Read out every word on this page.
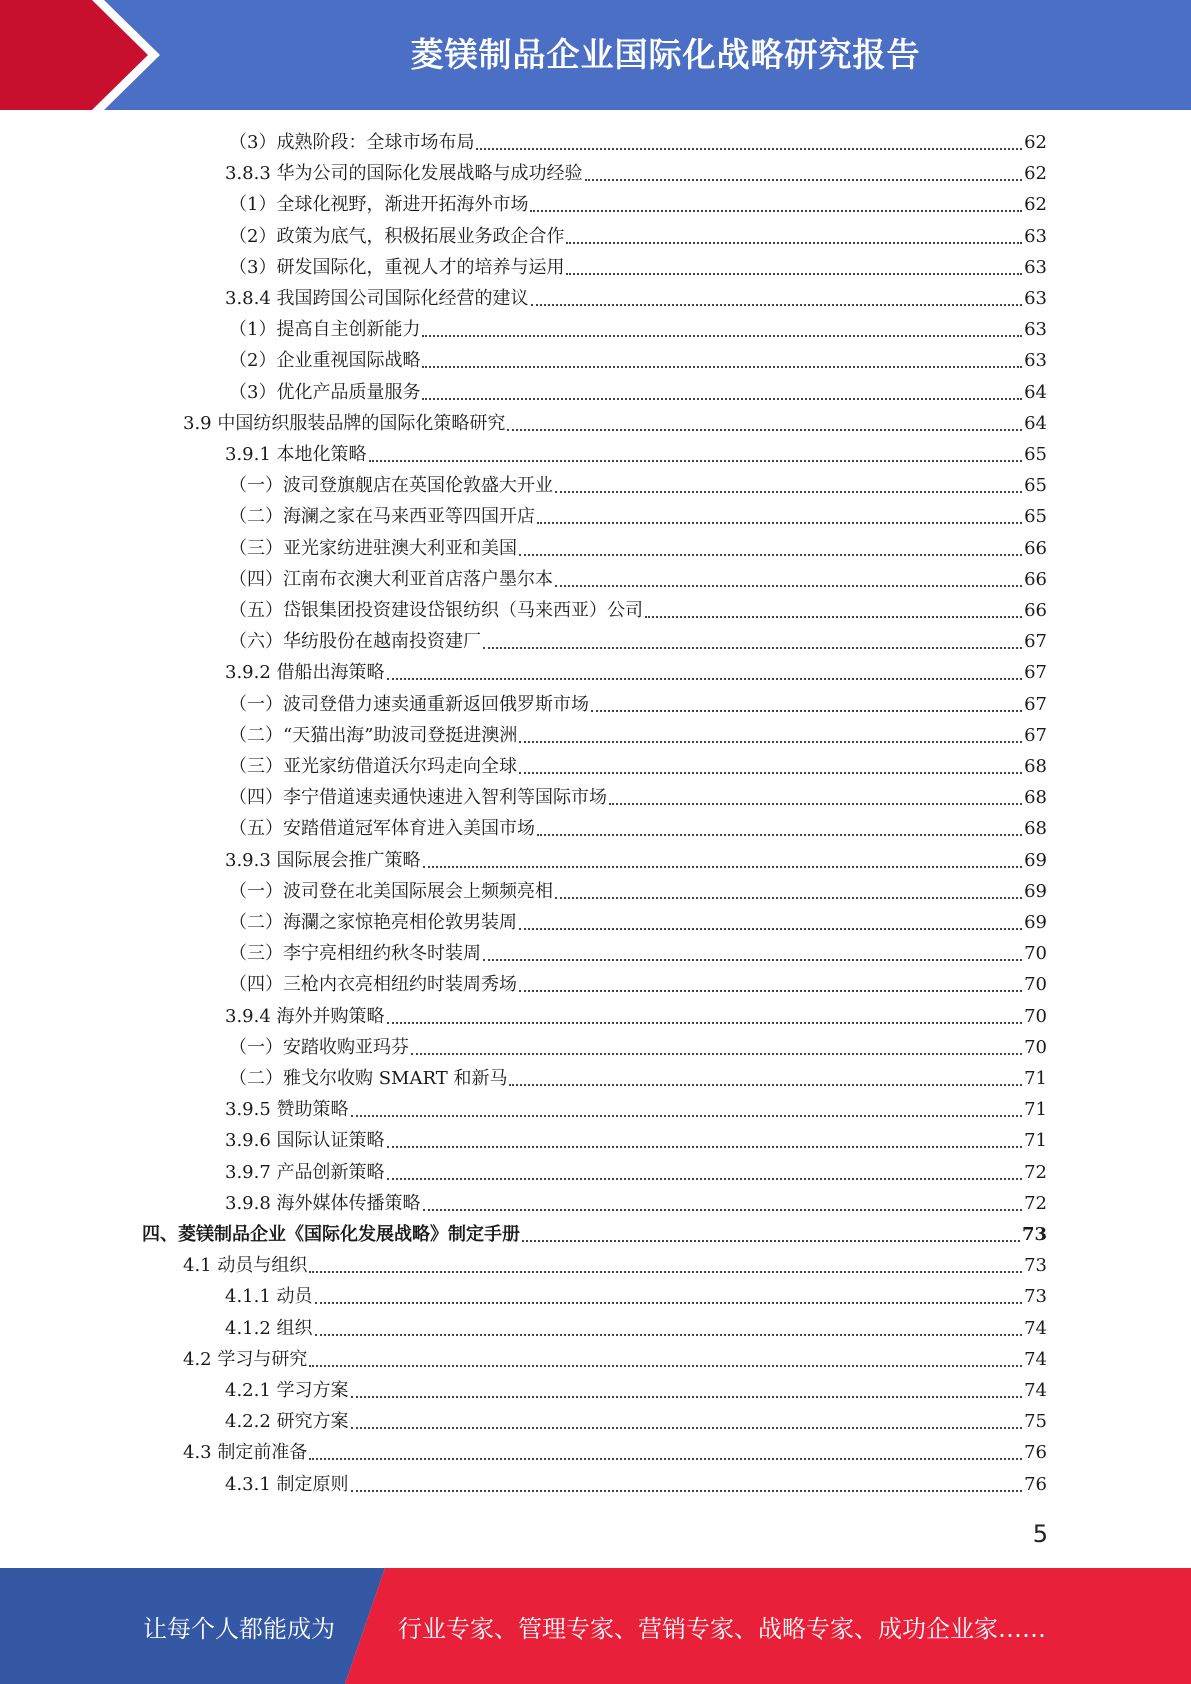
菱镁制品企业国际化战略研究报告
（3）成熟阶段：全球市场布局	62
3.8.3 华为公司的国际化发展战略与成功经验	62
（1）全球化视野，渐进开拓海外市场	62
（2）政策为底气，积极拓展业务政企合作	63
（3）研发国际化，重视人才的培养与运用	63
3.8.4 我国跨国公司国际化经营的建议	63
（1）提高自主创新能力	63
（2）企业重视国际战略	63
（3）优化产品质量服务	64
3.9 中国纺织服装品牌的国际化策略研究	64
3.9.1 本地化策略	65
（一）波司登旗舰店在英国伦敦盛大开业	65
（二）海澜之家在马来西亚等四国开店	65
（三）亚光家纺进驻澳大利亚和美国	66
（四）江南布衣澳大利亚首店落户墨尔本	66
（五）岱银集团投资建设岱银纺织（马来西亚）公司	66
（六）华纺股份在越南投资建厂	67
3.9.2 借船出海策略	67
（一）波司登借力速卖通重新返回俄罗斯市场	67
（二）“天猫出海”助波司登挺进澳洲	67
（三）亚光家纺借道沃尔玛走向全球	68
（四）李宁借道速卖通快速进入智利等国际市场	68
（五）安踏借道冠军体育进入美国市场	68
3.9.3 国际展会推广策略	69
（一）波司登在北美国际展会上频频亮相	69
（二）海瀾之家惊艳亮相伦敦男装周	69
（三）李宁亮相纽约秋冬时装周	70
（四）三枪内衣亮相纽约时装周秀场	70
3.9.4 海外并购策略	70
（一）安踏收购亚玛芬	70
（二）雅戈尔收购 SMART 和新马	71
3.9.5 赞助策略	71
3.9.6 国际认证策略	71
3.9.7 产品创新策略	72
3.9.8 海外媒体传播策略	72
四、菱镁制品企业《国际化发展战略》制定手册	73
4.1 动员与组织	73
4.1.1 动员	73
4.1.2 组织	74
4.2 学习与研究	74
4.2.1 学习方案	74
4.2.2 研究方案	75
4.3 制定前准备	76
4.3.1 制定原则	76
5
让每个人都能成为	行业专家、管理专家、营销专家、战略专家、成功企业家……
